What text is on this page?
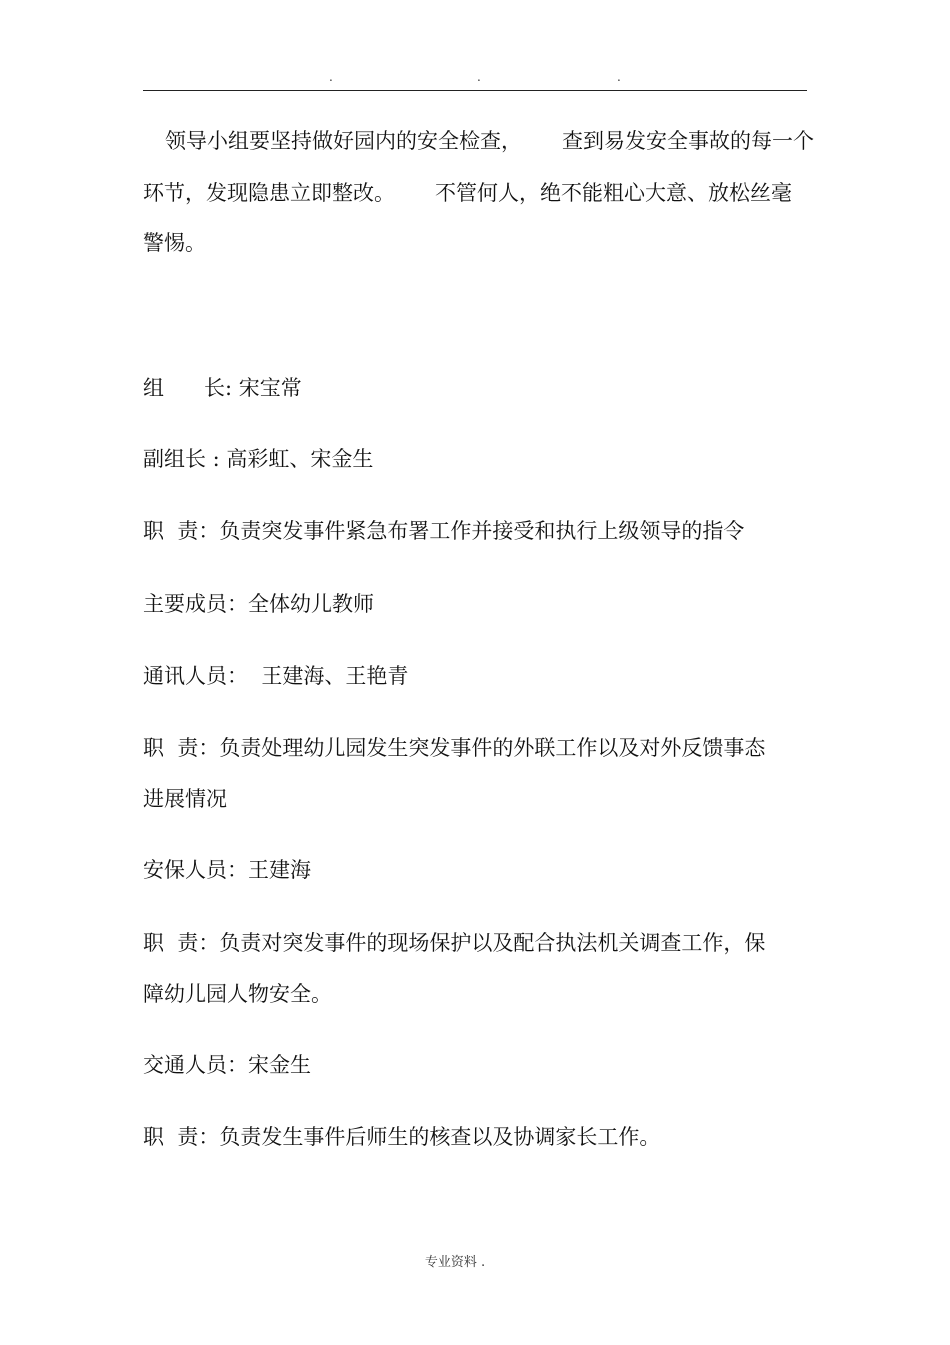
.	.	.
领导小组要坚持做好园内的安全检查，      查到易发安全事故的每一个
环节，发现隐患立即整改。      不管何人，绝不能粗心大意、放松丝毫
警惕。
组      长: 宋宝常
副组长 : 高彩虹、宋金生
职  责：负责突发事件紧急布署工作并接受和执行上级领导的指令
主要成员：全体幼儿教师
通讯人员：  王建海、王艳青
职  责：负责处理幼儿园发生突发事件的外联工作以及对外反馈事态
进展情况
安保人员：王建海
职  责：负责对突发事件的现场保护以及配合执法机关调查工作，保
障幼儿园人物安全。
交通人员：宋金生
职  责：负责发生事件后师生的核查以及协调家长工作。
专业资料 .
